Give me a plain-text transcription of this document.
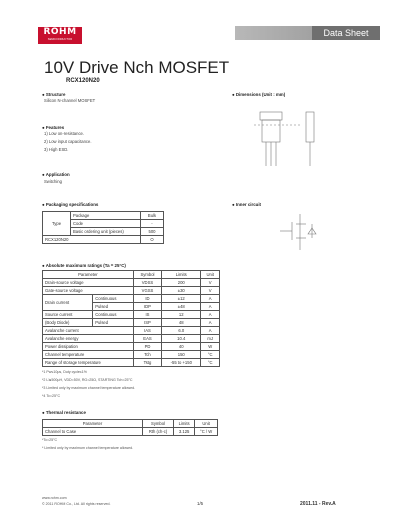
ROHM
SEMICONDUCTOR
Data Sheet
10V Drive Nch MOSFET
RCX120N20
● Structure
Silicon N-channel MOSFET
● Dimensions (Unit : mm)
● Features
1) Low on-resistance.
2) Low input capacitance.
3) High ESD.
● Application
Switching
● Packaging specifications
Type	Package	Bulk
	Code	-
	Basic ordering unit (pieces)	500
RCX120N20		O
● Inner circuit
● Absolute maximum ratings (Ta = 25°C)
Parameter		Symbol	Limits	Unit
Drain-source voltage		VDSS	200	V
Gate-source voltage		VGSS	±30	V
Drain current	Continuous	ID	±12	A
	Pulsed	IDP	±48	A
Source current	Continuous	IS	12	A
(Body Diode)	Pulsed	ISP	48	A
Avalanche current		IAS	6.0	A
Avalanche energy		EAS	10.4	mJ
Power dissipation		PD	40	W
Channel temperature		Tch	150	°C
Range of storage temperature		Tstg	-55 to +150	°C
*1 Pw≤10μs, Duty cycle≤1%
*2 L≒500μH, VDD=50V, RG=25Ω, STARTING Tch=25°C
*3 Limited only by maximum channel temperature allowed.
*4 Tc=25°C
● Thermal resistance
Parameter	Symbol	Limits	Unit
Channel to Case	Rth (ch-c)	3.125	°C / W
*Tc=25°C
* Limited only by maximum channel temperature allowed.
www.rohm.com
© 2011 ROHM Co., Ltd. All rights reserved.	1/5	2011.11 - Rev.A
